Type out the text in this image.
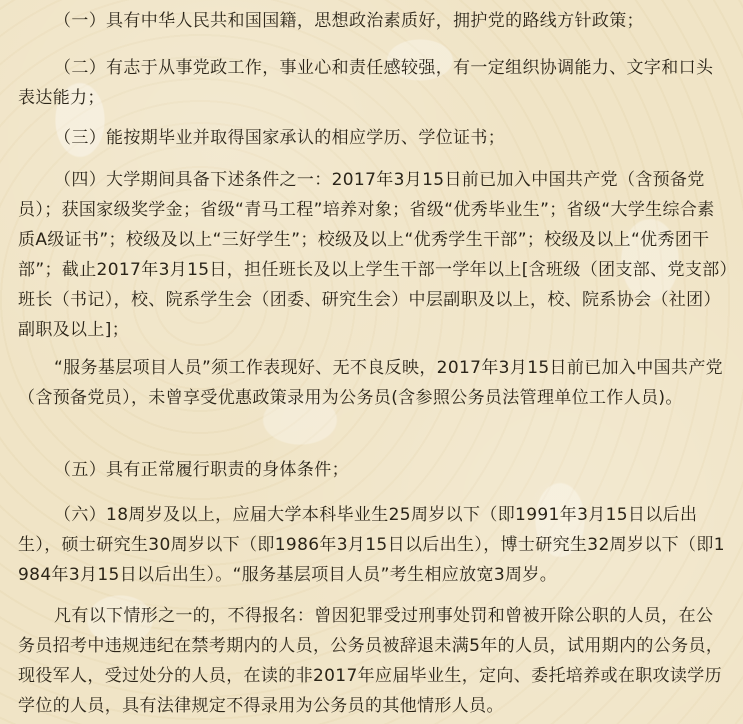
（一）具有中华人民共和国国籍，思想政治素质好，拥护党的路线方针政策；

（二）有志于从事党政工作，事业心和责任感较强，有一定组织协调能力、文字和口头表达能力；

（三）能按期毕业并取得国家承认的相应学历、学位证书；

（四）大学期间具备下述条件之一：2017年3月15日前已加入中国共产党（含预备党员）；获国家级奖学金；省级“青马工程”培养对象；省级“优秀毕业生”；省级“大学生综合素质A级证书”；校级及以上“三好学生”；校级及以上“优秀学生干部”；校级及以上“优秀团干部”；截止2017年3月15日，担任班长及以上学生干部一学年以上[含班级（团支部、党支部）班长（书记），校、院系学生会（团委、研究生会）中层副职及以上，校、院系协会（社团）副职及以上]；

“服务基层项目人员”须工作表现好、无不良反映，2017年3月15日前已加入中国共产党（含预备党员），未曾享受优惠政策录用为公务员(含参照公务员法管理单位工作人员)。

（五）具有正常履行职责的身体条件；

（六）18周岁及以上，应届大学本科毕业生25周岁以下（即1991年3月15日以后出生），硕士研究生30周岁以下（即1986年3月15日以后出生），博士研究生32周岁以下（即1984年3月15日以后出生）。“服务基层项目人员”考生相应放宽3周岁。

凡有以下情形之一的，不得报名：曾因犯罪受过刑事处罚和曾被开除公职的人员，在公务员招考中违规违纪在禁考期内的人员，公务员被辞退未满5年的人员，试用期内的公务员，现役军人，受过处分的人员，在读的非2017年应届毕业生，定向、委托培养或在职攻读学历学位的人员，具有法律规定不得录用为公务员的其他情形人员。
